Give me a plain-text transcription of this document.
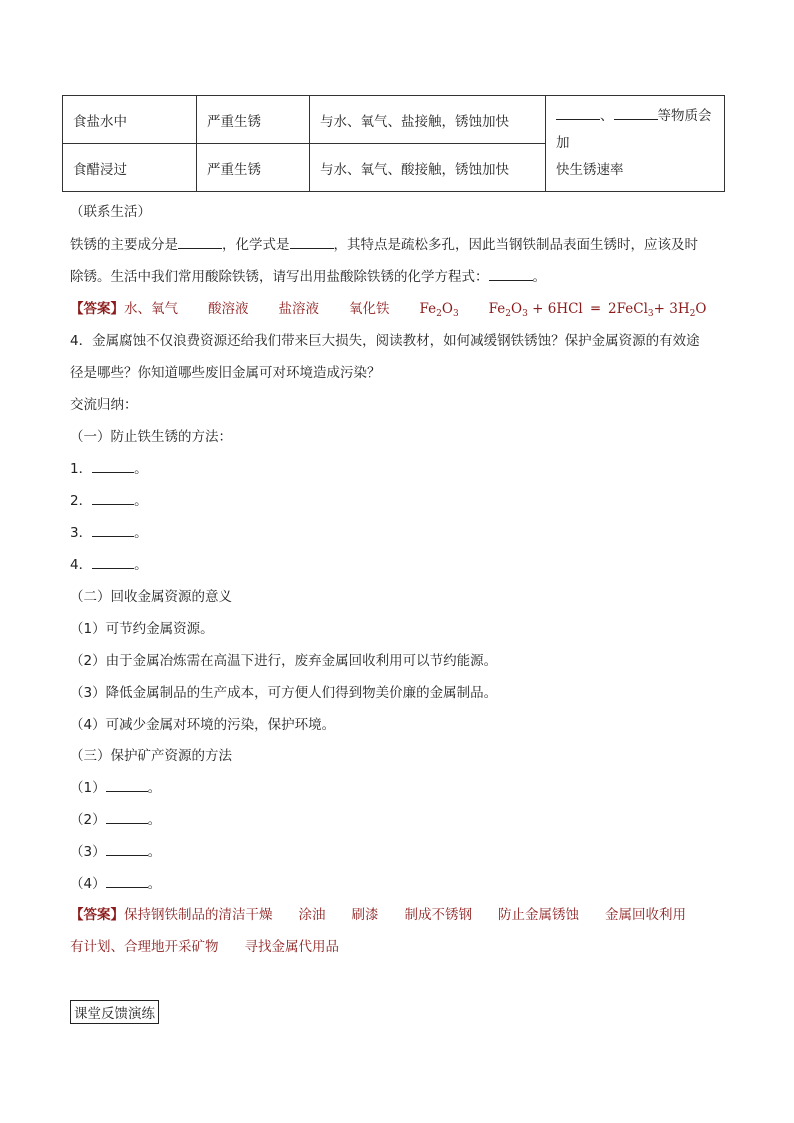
食盐水中	严重生锈	与水、氧气、盐接触，锈蚀加快	、 等物质会加
快生锈速率
食醋浸过	严重生锈	与水、氧气、酸接触，锈蚀加快	
（联系生活）
铁锈的主要成分是	，化学式是	，其特点是疏松多孔，因此当钢铁制品表面生锈时，应该及时
除锈。生活中我们常用酸除铁锈，请写出用盐酸除铁锈的化学方程式：	。
【答案】水、氧气 酸溶液 盐溶液 氧化铁 $Fe_2O_3$ $Fe_2O_3 + 6HCl$  ═  2FeCl$_3$+ $3H_2O$
4．金属腐蚀不仅浪费资源还给我们带来巨大损失，阅读教材，如何减缓钢铁锈蚀？保护金属资源的有效途
径是哪些？你知道哪些废旧金属可对环境造成污染？
交流归纳：
（一）防止铁生锈的方法：
1．	。
2．	。
3．	。
4．	。
（二）回收金属资源的意义
（1）可节约金属资源。
（2）由于金属冶炼需在高温下进行，废弃金属回收利用可以节约能源。
（3）降低金属制品的生产成本，可方便人们得到物美价廉的金属制品。
（4）可减少金属对环境的污染，保护环境。
（三）保护矿产资源的方法
（1）	。
（2）	。
（3）	。
（4）	。
【答案】保持钢铁制品的清洁干燥 涂油 刷漆 制成不锈钢 防止金属锈蚀 金属回收利用
有计划、合理地开采矿物 寻找金属代用品
课堂反馈演练
